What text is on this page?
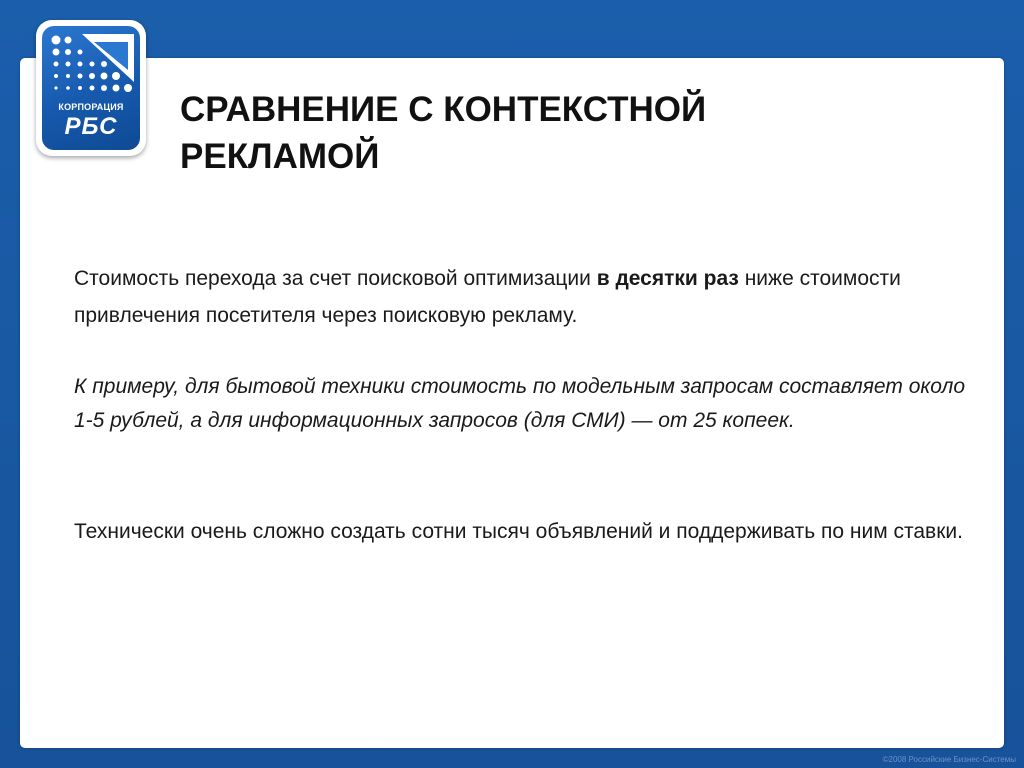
КОРПОРАЦИЯ
РБС	СРАВНЕНИЕ С КОНТЕКСТНОЙ
РЕКЛАМОЙ
Стоимость перехода за счет поисковой оптимизации в десятки раз ниже стоимости привлечения посетителя через поисковую рекламу.
К примеру, для бытовой техники стоимость по модельным запросам составляет около 1-5 рублей, а для информационных запросов (для СМИ) — от 25 копеек.
Технически очень сложно создать сотни тысяч объявлений и поддерживать по ним ставки.
©2008 Российские Бизнес-Системы
